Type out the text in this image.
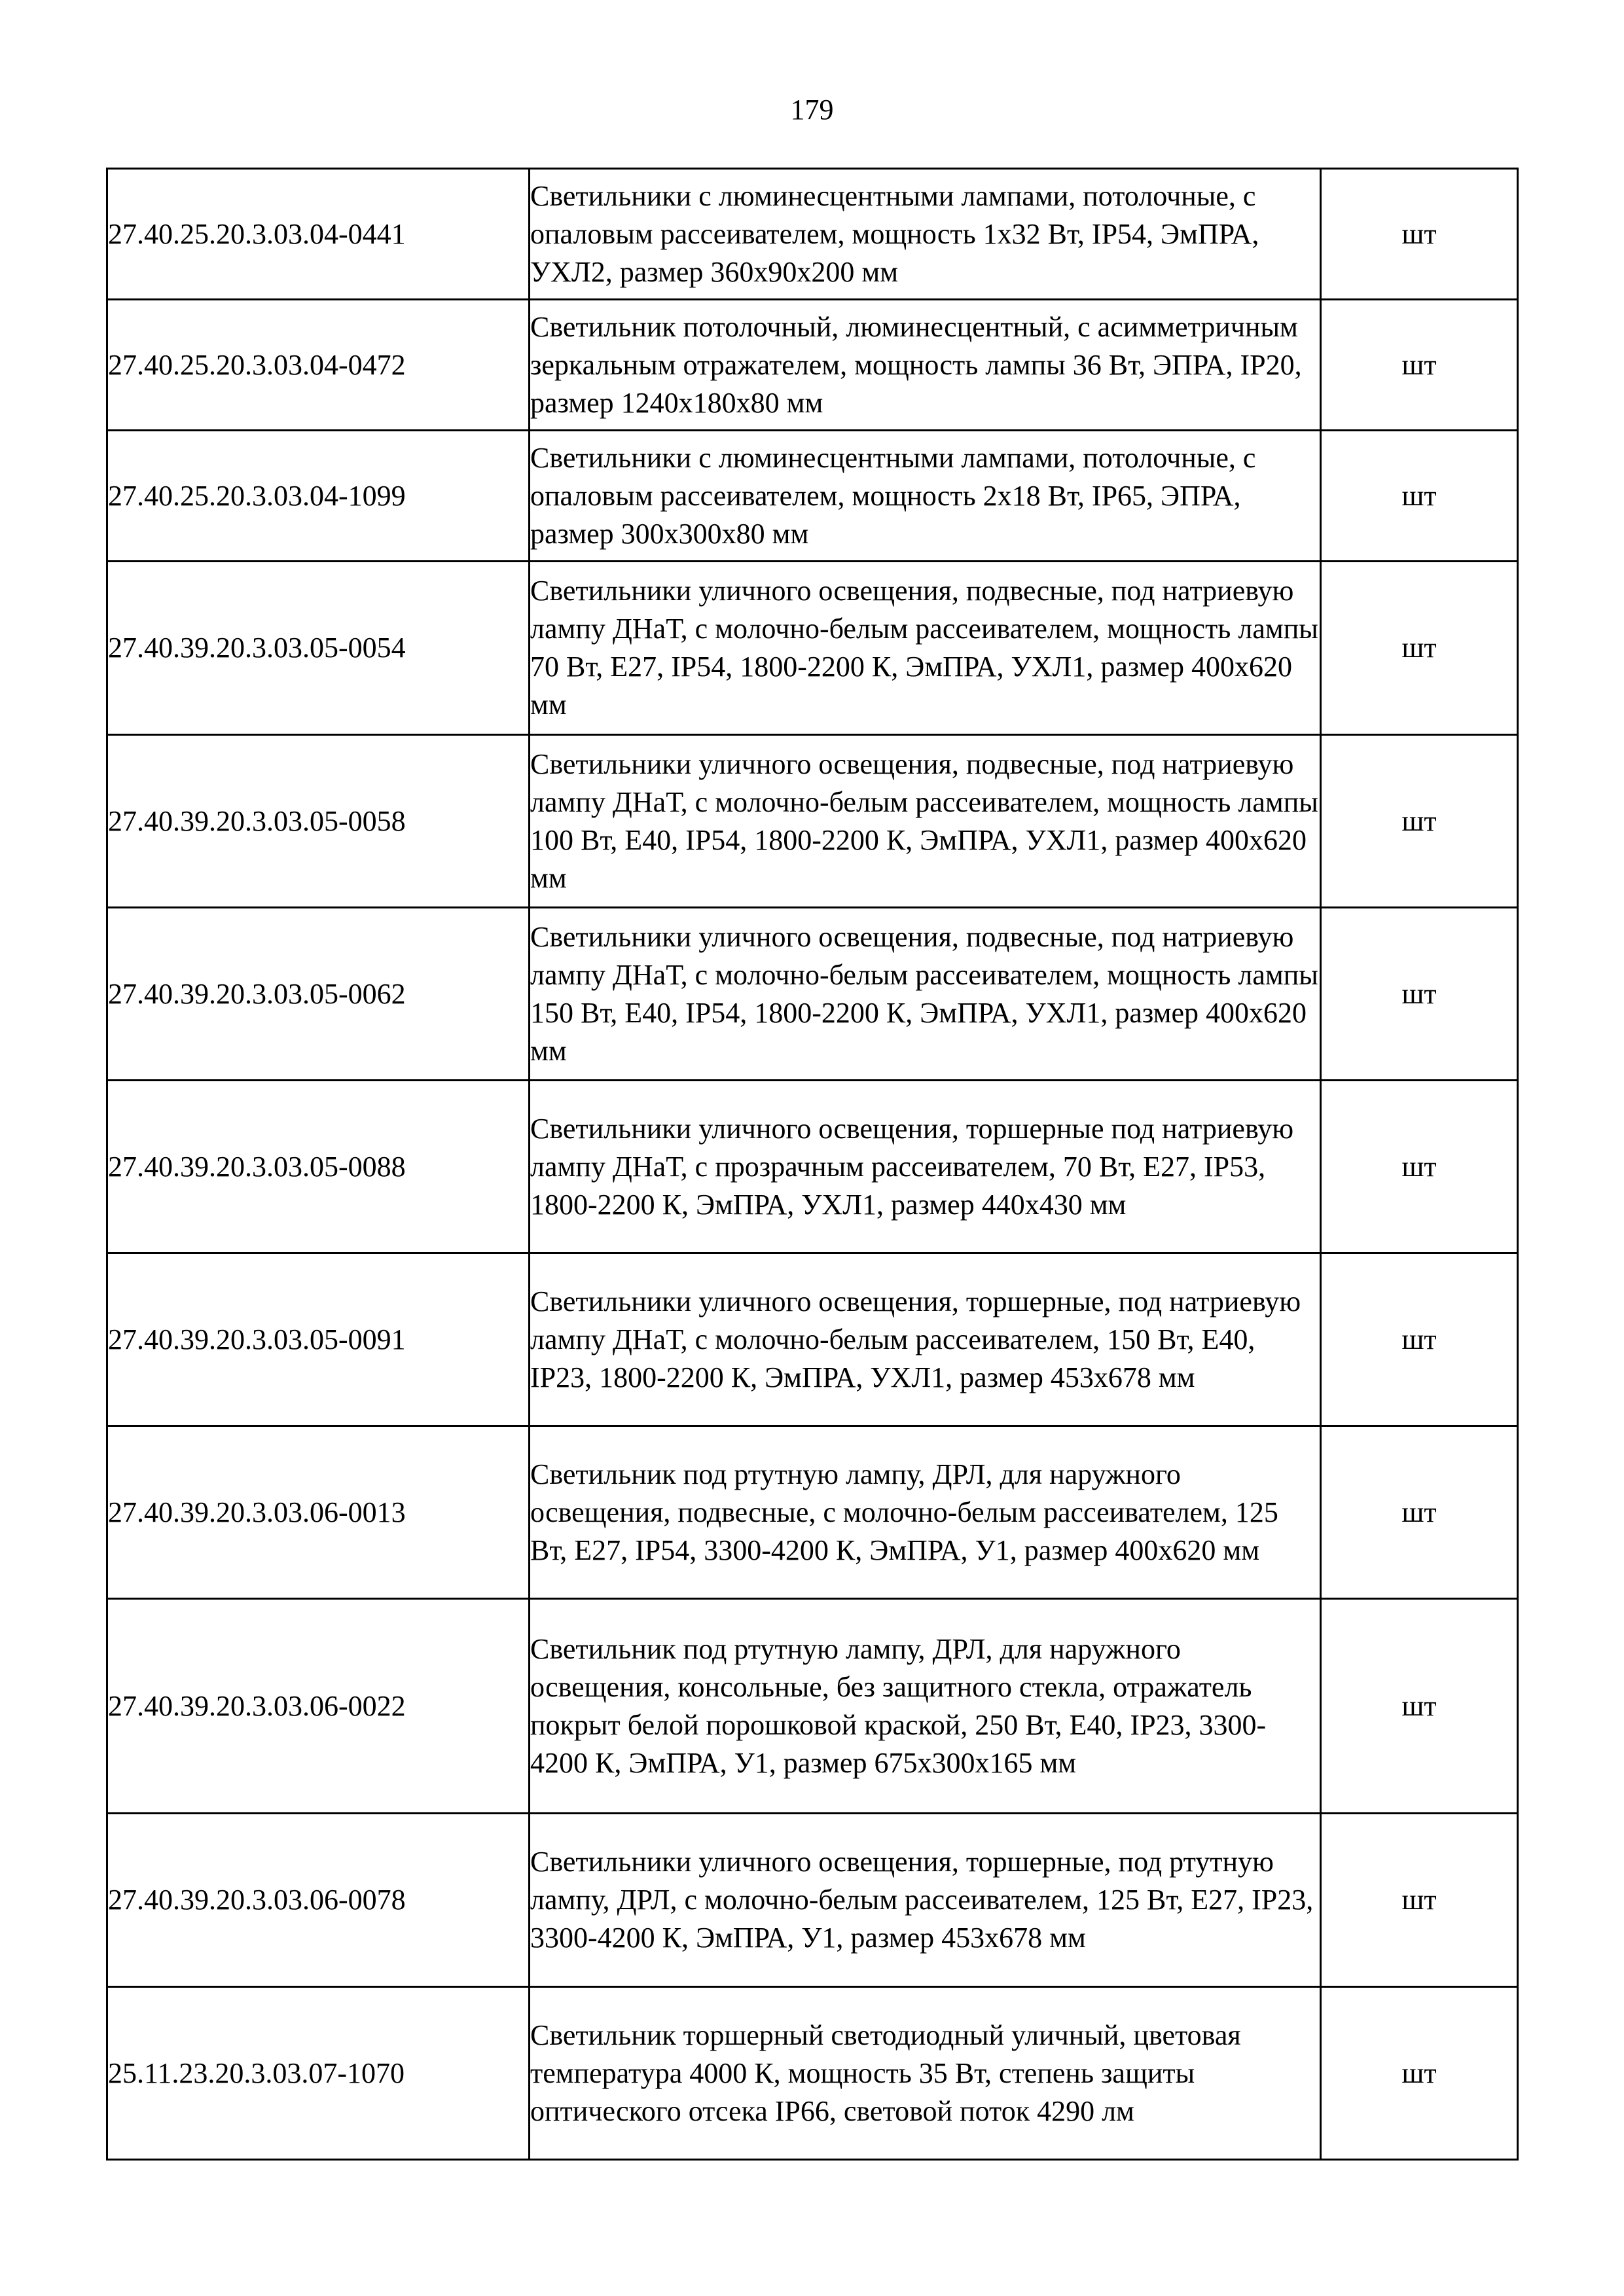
179
27.40.25.20.3.03.04-0441	Светильники с люминесцентными лампами, потолочные, с опаловым рассеивателем, мощность 1х32 Вт, IP54, ЭмПРА, УХЛ2, размер 360х90х200 мм	шт

27.40.25.20.3.03.04-0472	Светильник потолочный, люминесцентный, с асимметричным зеркальным отражателем, мощность лампы 36 Вт, ЭПРА, IP20, размер 1240х180х80 мм	шт

27.40.25.20.3.03.04-1099	Светильники с люминесцентными лампами, потолочные, с опаловым рассеивателем, мощность 2х18 Вт, IP65, ЭПРА, размер 300х300х80 мм	шт

27.40.39.20.3.03.05-0054	Светильники уличного освещения, подвесные, под натриевую лампу ДНаТ, с молочно-белым рассеивателем, мощность лампы 70 Вт, Е27, IP54, 1800-2200 К, ЭмПРА, УХЛ1, размер 400х620 мм	шт

27.40.39.20.3.03.05-0058	Светильники уличного освещения, подвесные, под натриевую лампу ДНаТ, с молочно-белым рассеивателем, мощность лампы 100 Вт, Е40, IP54, 1800-2200 К, ЭмПРА, УХЛ1, размер 400х620 мм	шт

27.40.39.20.3.03.05-0062	Светильники уличного освещения, подвесные, под натриевую лампу ДНаТ, с молочно-белым рассеивателем, мощность лампы 150 Вт, Е40, IP54, 1800-2200 К, ЭмПРА, УХЛ1, размер 400х620 мм	шт

27.40.39.20.3.03.05-0088	Светильники уличного освещения, торшерные под натриевую лампу ДНаТ, с прозрачным рассеивателем, 70 Вт, Е27, IP53, 1800-2200 К, ЭмПРА, УХЛ1, размер 440х430 мм	шт

27.40.39.20.3.03.05-0091	Светильники уличного освещения, торшерные, под натриевую лампу ДНаТ, с молочно-белым рассеивателем, 150 Вт, Е40, IP23, 1800-2200 К, ЭмПРА, УХЛ1, размер 453х678 мм	шт

27.40.39.20.3.03.06-0013	Светильник под ртутную лампу, ДРЛ, для наружного освещения, подвесные, с молочно-белым рассеивателем, 125 Вт, Е27, IP54, 3300-4200 К, ЭмПРА, У1, размер 400х620 мм	шт

27.40.39.20.3.03.06-0022	Светильник под ртутную лампу, ДРЛ, для наружного освещения, консольные, без защитного стекла, отражатель покрыт белой порошковой краской, 250 Вт, Е40, IP23, 3300-4200 К, ЭмПРА, У1, размер 675х300х165 мм	шт

27.40.39.20.3.03.06-0078	Светильники уличного освещения, торшерные, под ртутную лампу, ДРЛ, с молочно-белым рассеивателем, 125 Вт, Е27, IP23, 3300-4200 К, ЭмПРА, У1, размер 453х678 мм	шт

25.11.23.20.3.03.07-1070	Светильник торшерный светодиодный уличный, цветовая температура 4000 К, мощность 35 Вт, степень защиты оптического отсека IP66, световой поток 4290 лм	шт
